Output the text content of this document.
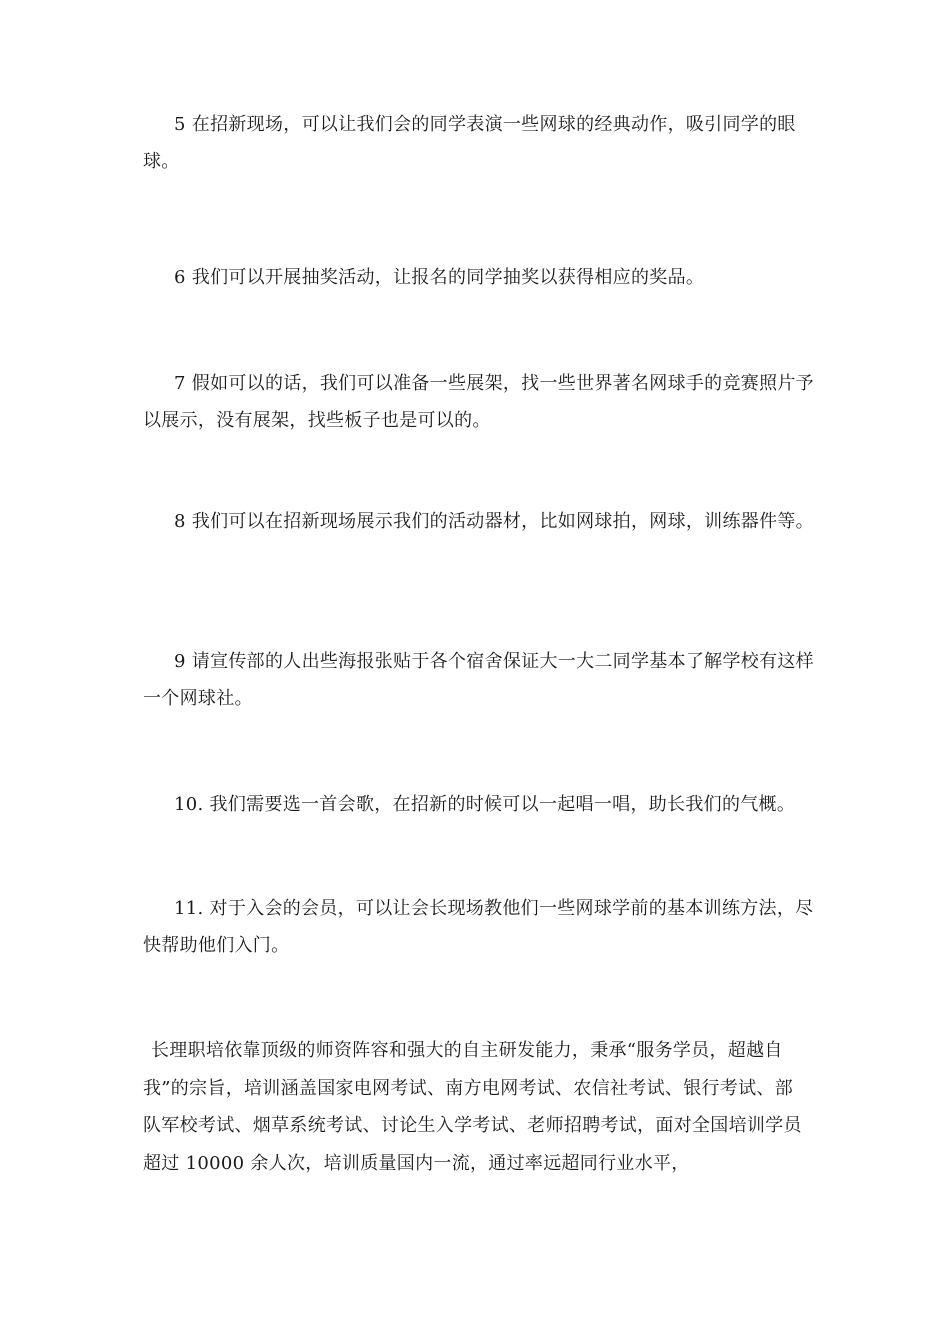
5 在招新现场，可以让我们会的同学表演一些网球的经典动作，吸引同学的眼球。

6 我们可以开展抽奖活动，让报名的同学抽奖以获得相应的奖品。

7 假如可以的话，我们可以准备一些展架，找一些世界著名网球手的竞赛照片予以展示，没有展架，找些板子也是可以的。

8 我们可以在招新现场展示我们的活动器材，比如网球拍，网球，训练器件等。

9 请宣传部的人出些海报张贴于各个宿舍保证大一大二同学基本了解学校有这样一个网球社。

10. 我们需要选一首会歌，在招新的时候可以一起唱一唱，助长我们的气概。

11. 对于入会的会员，可以让会长现场教他们一些网球学前的基本训练方法，尽快帮助他们入门。

长理职培依靠顶级的师资阵容和强大的自主研发能力，秉承“服务学员，超越自我”的宗旨，培训涵盖国家电网考试、南方电网考试、农信社考试、银行考试、部队军校考试、烟草系统考试、讨论生入学考试、老师招聘考试，面对全国培训学员超过 10000 余人次，培训质量国内一流，通过率远超同行业水平，
